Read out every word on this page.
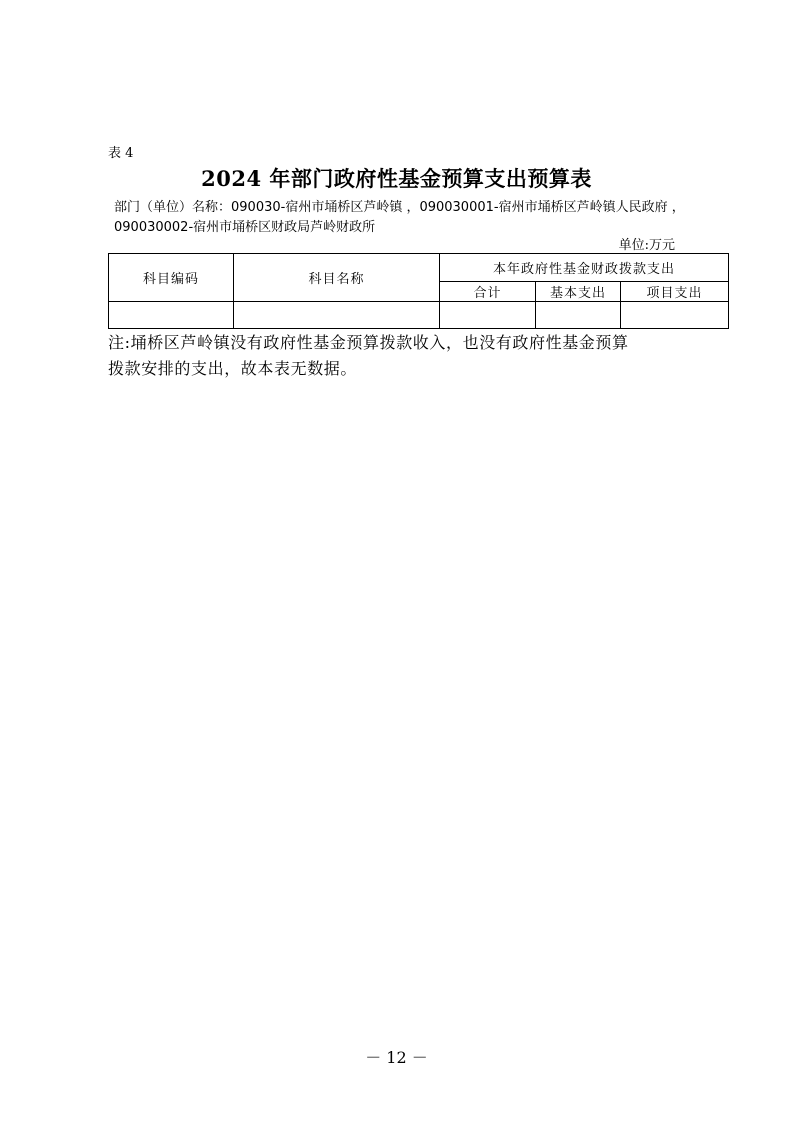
表 4
2024 年部门政府性基金预算支出预算表
部门（单位）名称：090030-宿州市埇桥区芦岭镇 ，090030001-宿州市埇桥区芦岭镇人民政府 ，
090030002-宿州市埇桥区财政局芦岭财政所
单位:万元
科目编码	科目名称	本年政府性基金财政拨款支出		
		合计	基本支出	项目支出

注:埇桥区芦岭镇没有政府性基金预算拨款收入，也没有政府性基金预算
拨款安排的支出，故本表无数据。
－ 12 －
